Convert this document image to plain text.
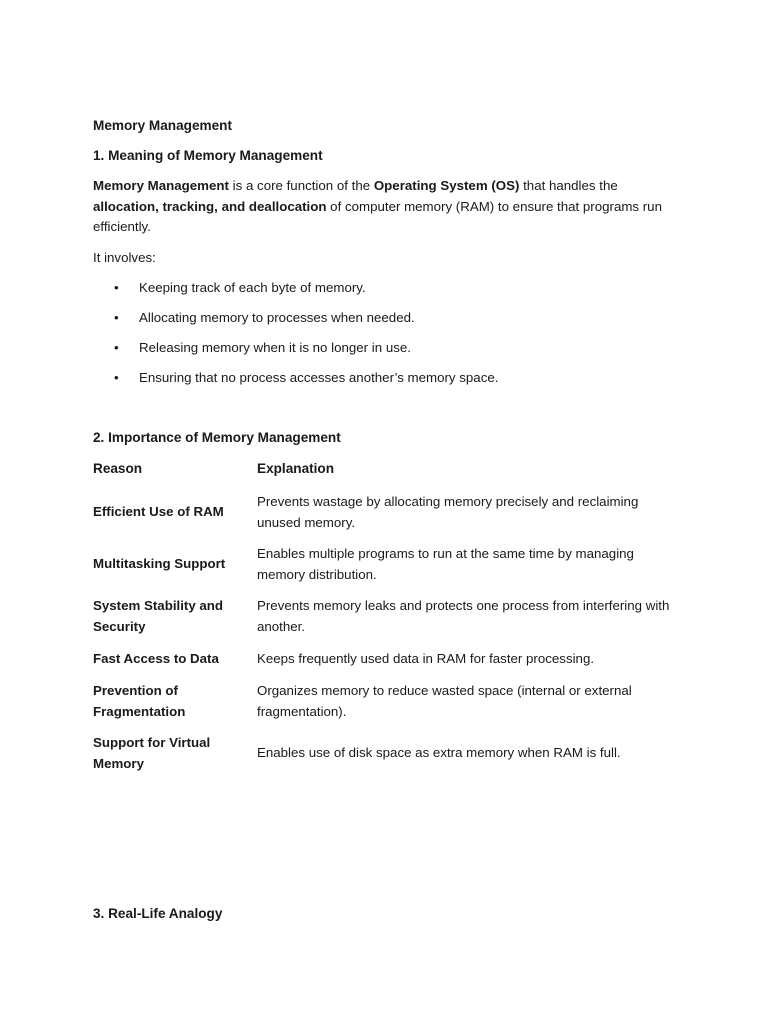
Memory Management

1. Meaning of Memory Management

Memory Management is a core function of the Operating System (OS) that handles the
allocation, tracking, and deallocation of computer memory (RAM) to ensure that programs run efficiently.

It involves:

• Keeping track of each byte of memory.
• Allocating memory to processes when needed.
• Releasing memory when it is no longer in use.
• Ensuring that no process accesses another’s memory space.

2. Importance of Memory Management

Reason	Explanation

Efficient Use of RAM

Prevents wastage by allocating memory precisely and reclaiming unused memory.

Multitasking Support

Enables multiple programs to run at the same time by managing memory distribution.

System Stability and Security

Prevents memory leaks and protects one process from interfering with another.

Fast Access to Data	Keeps frequently used data in RAM for faster processing.

Prevention of Fragmentation

Organizes memory to reduce wasted space (internal or external fragmentation).

Support for Virtual Memory

Enables use of disk space as extra memory when RAM is full.

3. Real-Life Analogy
